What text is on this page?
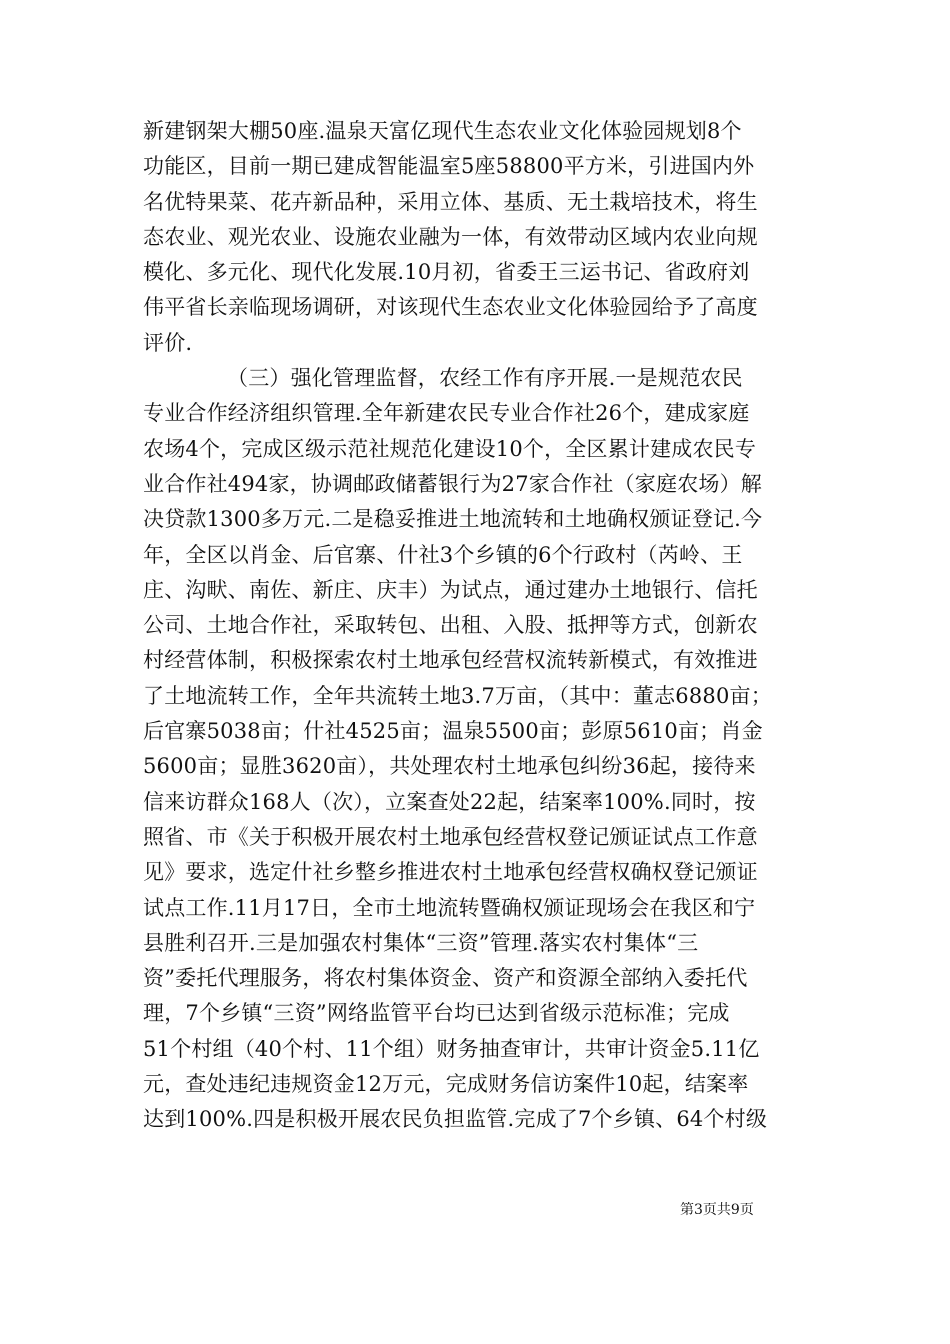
新建钢架大棚50座.温泉天富亿现代生态农业文化体验园规划8个
功能区，目前一期已建成智能温室5座58800平方米，引进国内外
名优特果菜、花卉新品种，采用立体、基质、无土栽培技术，将生
态农业、观光农业、设施农业融为一体，有效带动区域内农业向规
模化、多元化、现代化发展.10月初，省委王三运书记、省政府刘
伟平省长亲临现场调研，对该现代生态农业文化体验园给予了高度
评价.
（三）强化管理监督，农经工作有序开展.一是规范农民
专业合作经济组织管理.全年新建农民专业合作社26个，建成家庭
农场4个，完成区级示范社规范化建设10个，全区累计建成农民专
业合作社494家，协调邮政储蓄银行为27家合作社（家庭农场）解
决贷款1300多万元.二是稳妥推进土地流转和土地确权颁证登记.今
年，全区以肖金、后官寨、什社3个乡镇的6个行政村（芮岭、王
庄、沟畎、南佐、新庄、庆丰）为试点，通过建办土地银行、信托
公司、土地合作社，采取转包、出租、入股、抵押等方式，创新农
村经营体制，积极探索农村土地承包经营权流转新模式，有效推进
了土地流转工作，全年共流转土地3.7万亩，（其中：董志6880亩；
后官寨5038亩；什社4525亩；温泉5500亩；彭原5610亩；肖金
5600亩；显胜3620亩），共处理农村土地承包纠纷36起，接待来
信来访群众168人（次），立案查处22起，结案率100%.同时，按
照省、市《关于积极开展农村土地承包经营权登记颁证试点工作意
见》要求，选定什社乡整乡推进农村土地承包经营权确权登记颁证
试点工作.11月17日，全市土地流转暨确权颁证现场会在我区和宁
县胜利召开.三是加强农村集体“三资”管理.落实农村集体“三
资”委托代理服务，将农村集体资金、资产和资源全部纳入委托代
理，7个乡镇“三资”网络监管平台均已达到省级示范标准；完成
51个村组（40个村、11个组）财务抽查审计，共审计资金5.11亿
元，查处违纪违规资金12万元，完成财务信访案件10起，结案率
达到100%.四是积极开展农民负担监管.完成了7个乡镇、64个村级
第3页共9页
